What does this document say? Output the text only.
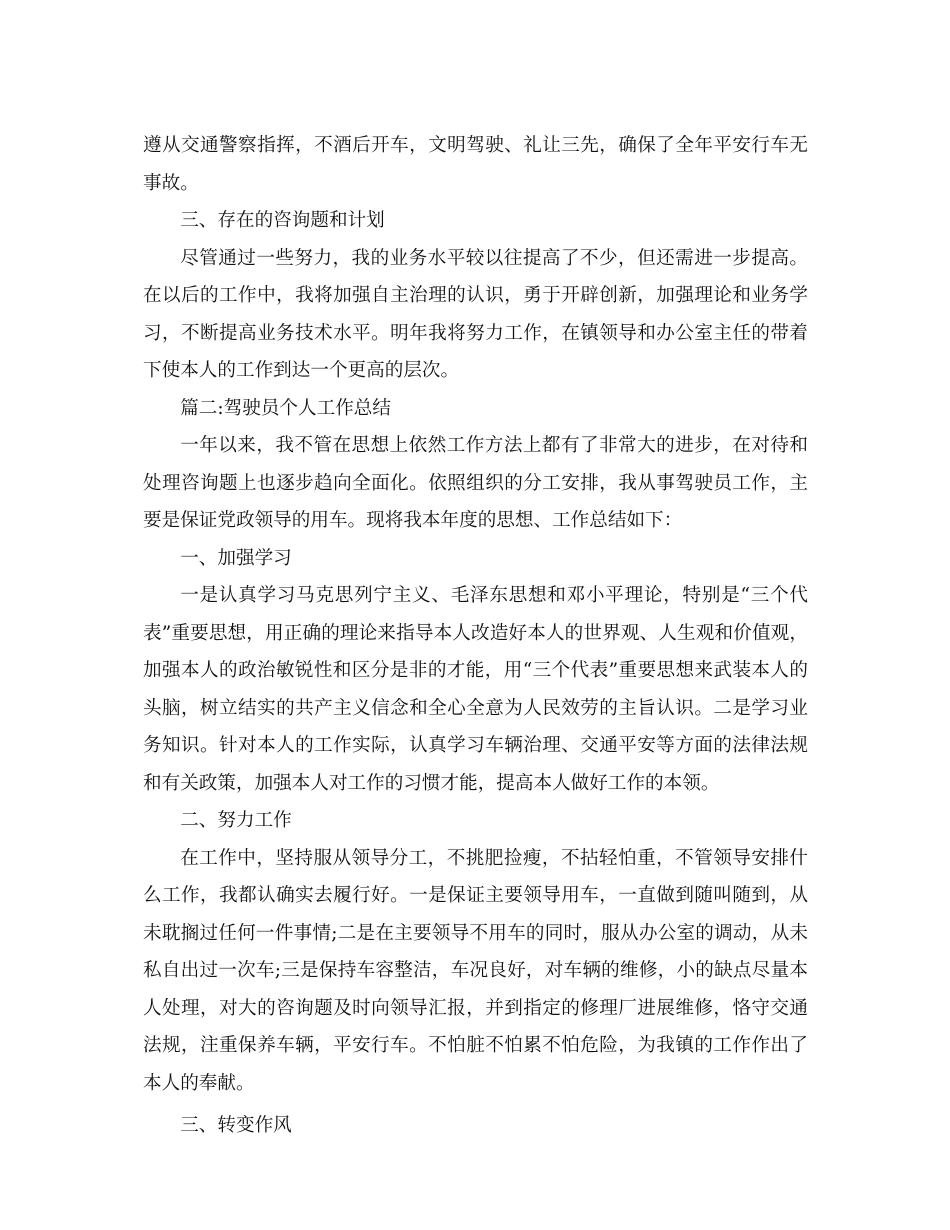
遵从交通警察指挥，不酒后开车，文明驾驶、礼让三先，确保了全年平安行车无事故。

三、存在的咨询题和计划

尽管通过一些努力，我的业务水平较以往提高了不少，但还需进一步提高。在以后的工作中，我将加强自主治理的认识，勇于开辟创新，加强理论和业务学习，不断提高业务技术水平。明年我将努力工作，在镇领导和办公室主任的带着下使本人的工作到达一个更高的层次。

篇二:驾驶员个人工作总结

一年以来，我不管在思想上依然工作方法上都有了非常大的进步，在对待和处理咨询题上也逐步趋向全面化。依照组织的分工安排，我从事驾驶员工作，主要是保证党政领导的用车。现将我本年度的思想、工作总结如下：

一、加强学习

一是认真学习马克思列宁主义、毛泽东思想和邓小平理论，特别是“三个代表”重要思想，用正确的理论来指导本人改造好本人的世界观、人生观和价值观，加强本人的政治敏锐性和区分是非的才能，用“三个代表”重要思想来武装本人的头脑，树立结实的共产主义信念和全心全意为人民效劳的主旨认识。二是学习业务知识。针对本人的工作实际，认真学习车辆治理、交通平安等方面的法律法规和有关政策，加强本人对工作的习惯才能，提高本人做好工作的本领。

二、努力工作

在工作中，坚持服从领导分工，不挑肥捡瘦，不拈轻怕重，不管领导安排什么工作，我都认确实去履行好。一是保证主要领导用车，一直做到随叫随到，从未耽搁过任何一件事情;二是在主要领导不用车的同时，服从办公室的调动，从未私自出过一次车;三是保持车容整洁，车况良好，对车辆的维修，小的缺点尽量本人处理，对大的咨询题及时向领导汇报，并到指定的修理厂进展维修，恪守交通法规，注重保养车辆，平安行车。不怕脏不怕累不怕危险，为我镇的工作作出了本人的奉献。

三、转变作风
